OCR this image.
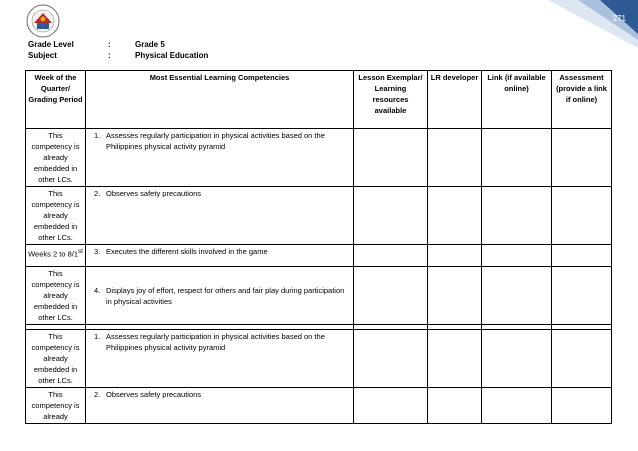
271
Grade Level	:	Grade 5
Subject	:	Physical Education
Week of the Quarter/ Grading Period	Most Essential Learning Competencies	Lesson Exemplar/ Learning resources available	LR developer	Link (if available online)	Assessment (provide a link if online)
This competency is already embedded in other LCs.	1. Assesses regularly participation in physical activities based on the Philippines physical activity pyramid				

This competency is already embedded in other LCs.	2. Observes safety precautions				

Weeks 2 to 8/1st	3. Executes the different skills involved in the game				

This competency is already embedded in other LCs.	4. Displays joy of effort, respect for others and fair play during participation in physical activities				

This competency is already embedded in other LCs.	1. Assesses regularly participation in physical activities based on the Philippines physical activity pyramid				

This competency is already	2. Observes safety precautions				
